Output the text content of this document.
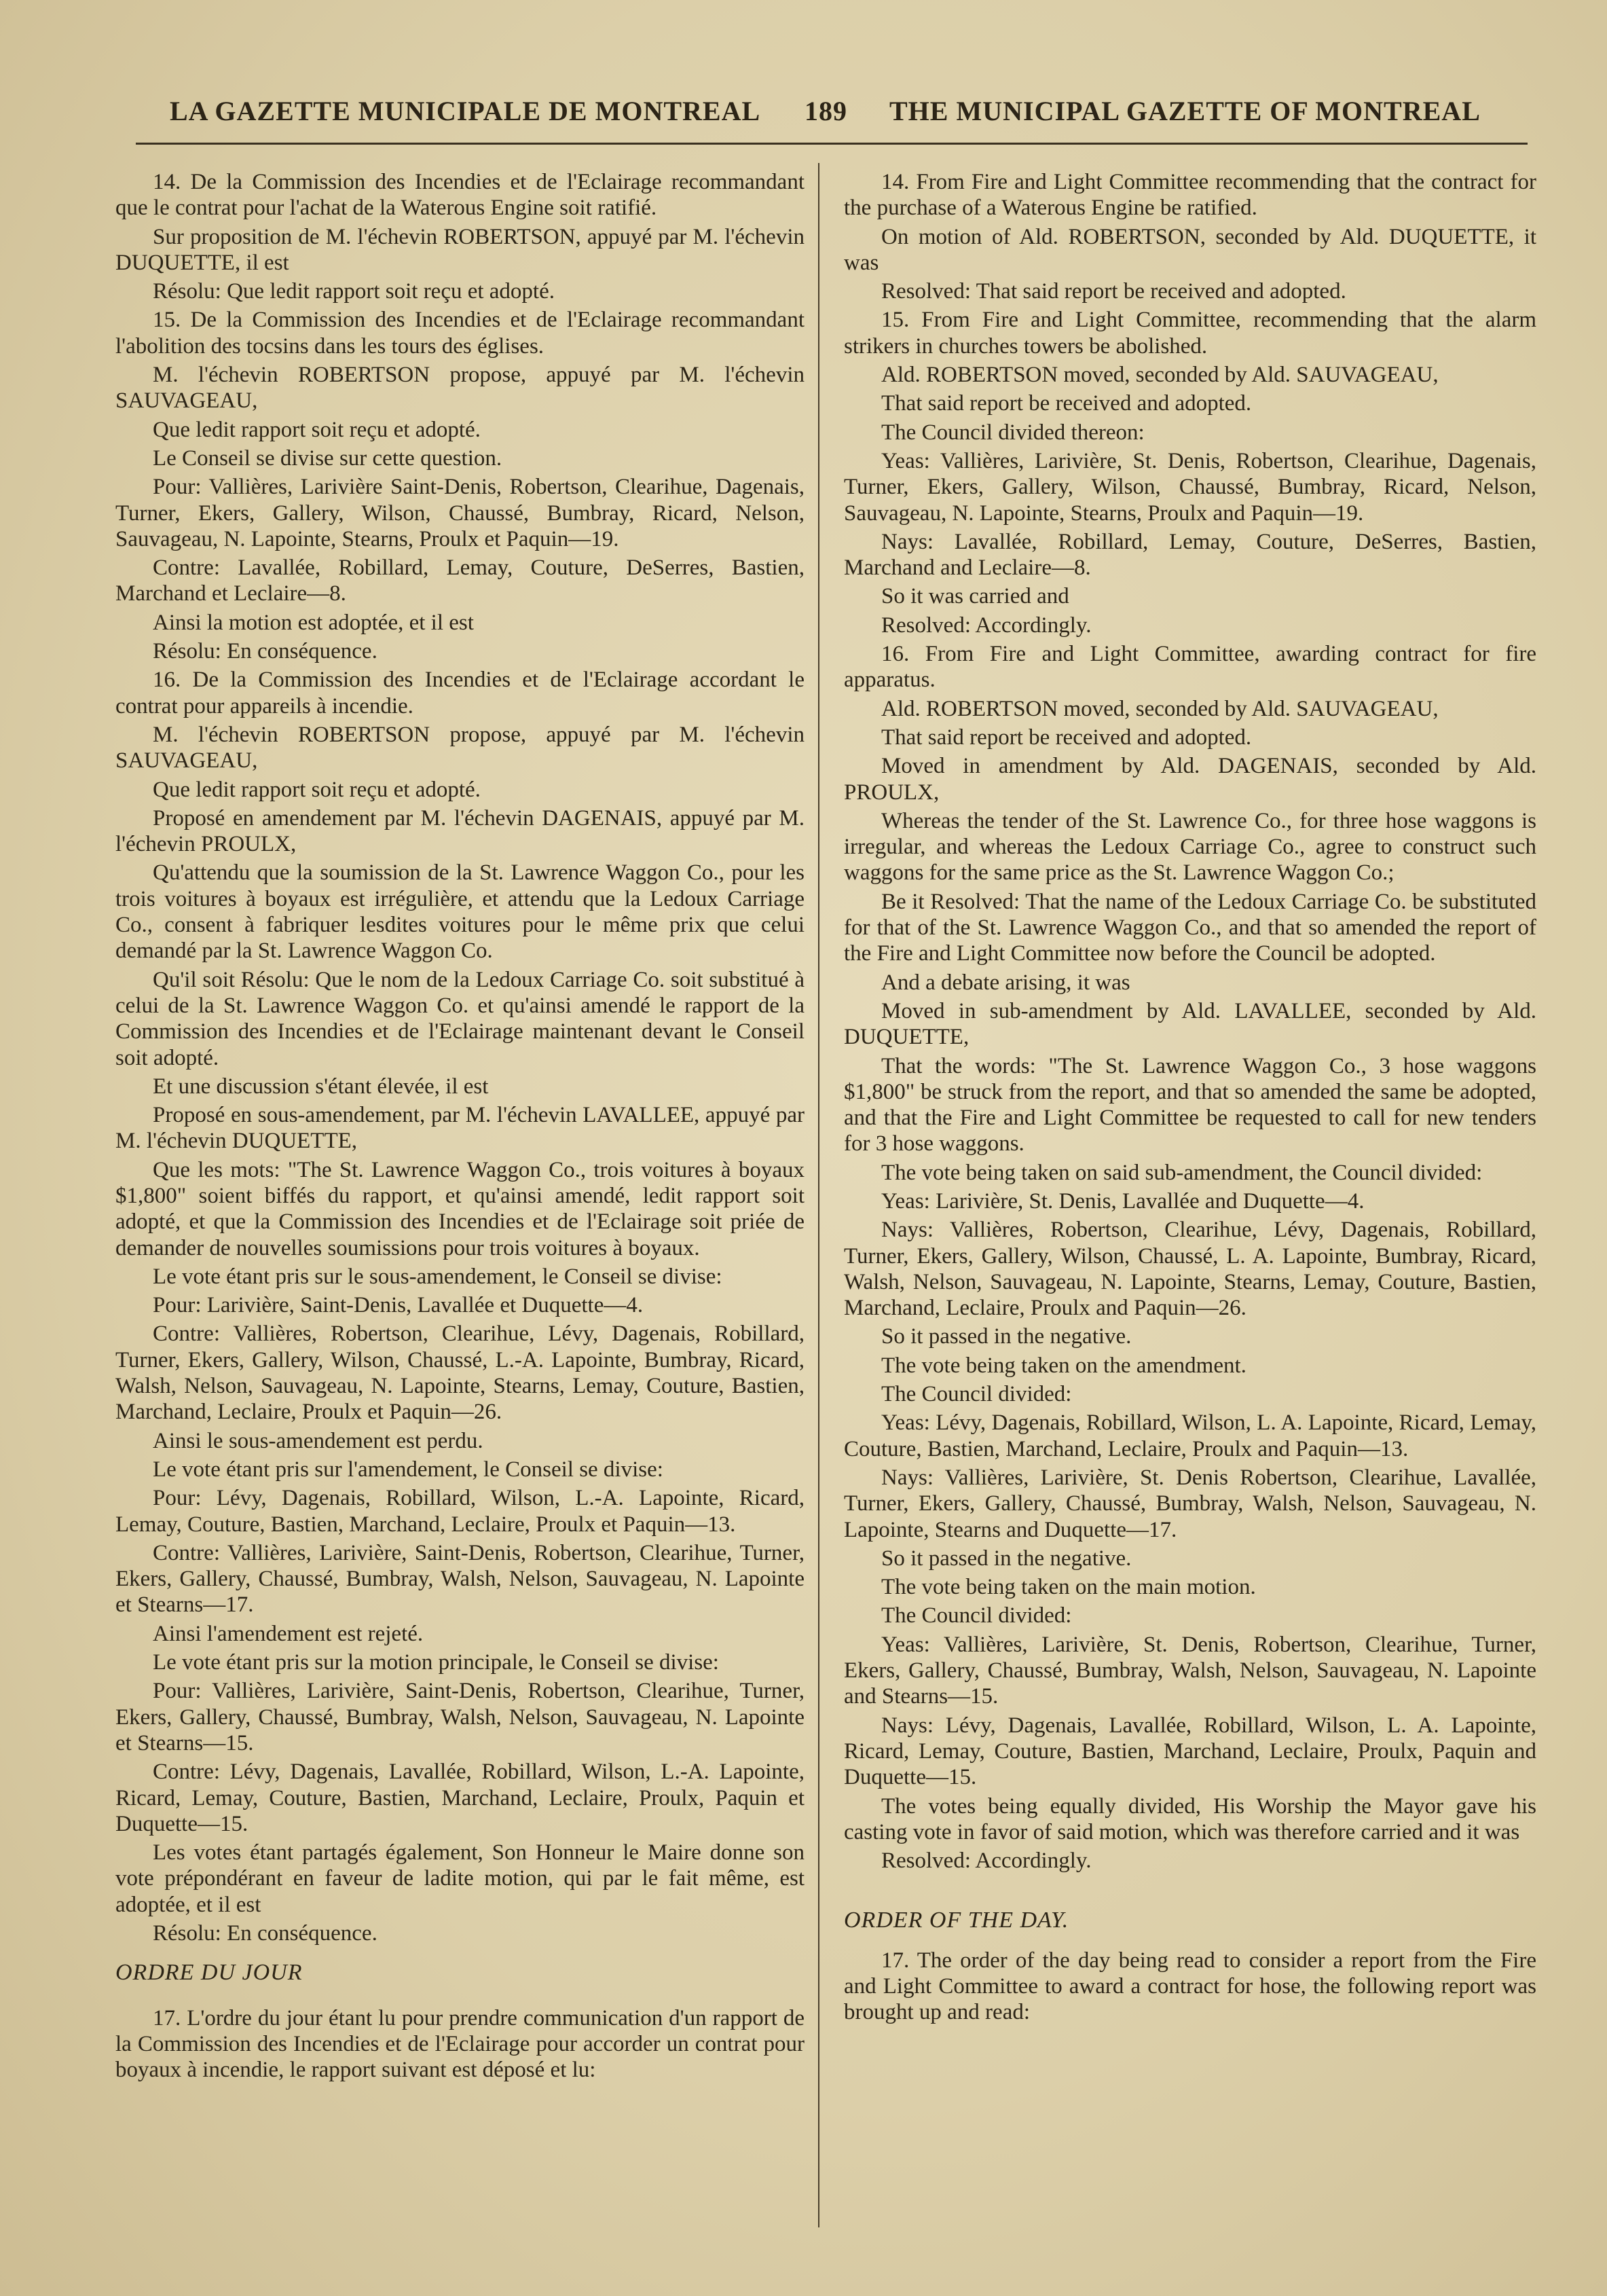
LA GAZETTE MUNICIPALE DE MONTREAL 189 THE MUNICIPAL GAZETTE OF MONTREAL

14. De la Commission des Incendies et de l'Eclairage recommandant que le contrat pour l'achat de la Waterous Engine soit ratifié.

Sur proposition de M. l'échevin ROBERTSON, appuyé par M. l'échevin DUQUETTE, il est

Résolu: Que ledit rapport soit reçu et adopté.

15. De la Commission des Incendies et de l'Eclairage recommandant l'abolition des tocsins dans les tours des églises.

M. l'échevin ROBERTSON propose, appuyé par M. l'échevin SAUVAGEAU,

Que ledit rapport soit reçu et adopté.

Le Conseil se divise sur cette question.

Pour: Vallières, Larivière Saint-Denis, Robertson, Clearihue, Dagenais, Turner, Ekers, Gallery, Wilson, Chaussé, Bumbray, Ricard, Nelson, Sauvageau, N. Lapointe, Stearns, Proulx et Paquin—19.

Contre: Lavallée, Robillard, Lemay, Couture, DeSerres, Bastien, Marchand et Leclaire—8.

Ainsi la motion est adoptée, et il est

Résolu: En conséquence.

16. De la Commission des Incendies et de l'Eclairage accordant le contrat pour appareils à incendie.

M. l'échevin ROBERTSON propose, appuyé par M. l'échevin SAUVAGEAU,

Que ledit rapport soit reçu et adopté.

Proposé en amendement par M. l'échevin DAGENAIS, appuyé par M. l'échevin PROULX,

Qu'attendu que la soumission de la St. Lawrence Waggon Co., pour les trois voitures à boyaux est irrégulière, et attendu que la Ledoux Carriage Co., consent à fabriquer lesdites voitures pour le même prix que celui demandé par la St. Lawrence Waggon Co.

Qu'il soit Résolu: Que le nom de la Ledoux Carriage Co. soit substitué à celui de la St. Lawrence Waggon Co. et qu'ainsi amendé le rapport de la Commission des Incendies et de l'Eclairage maintenant devant le Conseil soit adopté.

Et une discussion s'étant élevée, il est

Proposé en sous-amendement, par M. l'échevin LAVALLEE, appuyé par M. l'échevin DUQUETTE,

Que les mots: "The St. Lawrence Waggon Co., trois voitures à boyaux $1,800" soient biffés du rapport, et qu'ainsi amendé, ledit rapport soit adopté, et que la Commission des Incendies et de l'Eclairage soit priée de demander de nouvelles soumissions pour trois voitures à boyaux.

Le vote étant pris sur le sous-amendement, le Conseil se divise:

Pour: Larivière, Saint-Denis, Lavallée et Duquette—4.

Contre: Vallières, Robertson, Clearihue, Lévy, Dagenais, Robillard, Turner, Ekers, Gallery, Wilson, Chaussé, L.-A. Lapointe, Bumbray, Ricard, Walsh, Nelson, Sauvageau, N. Lapointe, Stearns, Lemay, Couture, Bastien, Marchand, Leclaire, Proulx et Paquin—26.

Ainsi le sous-amendement est perdu.

Le vote étant pris sur l'amendement, le Conseil se divise:

Pour: Lévy, Dagenais, Robillard, Wilson, L.-A. Lapointe, Ricard, Lemay, Couture, Bastien, Marchand, Leclaire, Proulx et Paquin—13.

Contre: Vallières, Larivière, Saint-Denis, Robertson, Clearihue, Turner, Ekers, Gallery, Chaussé, Bumbray, Walsh, Nelson, Sauvageau, N. Lapointe et Stearns—17.

Ainsi l'amendement est rejeté.

Le vote étant pris sur la motion principale, le Conseil se divise:

Pour: Vallières, Larivière, Saint-Denis, Robertson, Clearihue, Turner, Ekers, Gallery, Chaussé, Bumbray, Walsh, Nelson, Sauvageau, N. Lapointe et Stearns—15.

Contre: Lévy, Dagenais, Lavallée, Robillard, Wilson, L.-A. Lapointe, Ricard, Lemay, Couture, Bastien, Marchand, Leclaire, Proulx, Paquin et Duquette—15.

Les votes étant partagés également, Son Honneur le Maire donne son vote prépondérant en faveur de ladite motion, qui par le fait même, est adoptée, et il est

Résolu: En conséquence.

ORDRE DU JOUR

17. L'ordre du jour étant lu pour prendre communication d'un rapport de la Commission des Incendies et de l'Eclairage pour accorder un contrat pour boyaux à incendie, le rapport suivant est déposé et lu:

14. From Fire and Light Committee recommending that the contract for the purchase of a Waterous Engine be ratified.

On motion of Ald. ROBERTSON, seconded by Ald. DUQUETTE, it was

Resolved: That said report be received and adopted.

15. From Fire and Light Committee, recommending that the alarm strikers in churches towers be abolished.

Ald. ROBERTSON moved, seconded by Ald. SAUVAGEAU,

That said report be received and adopted.

The Council divided thereon:

Yeas: Vallières, Larivière, St. Denis, Robertson, Clearihue, Dagenais, Turner, Ekers, Gallery, Wilson, Chaussé, Bumbray, Ricard, Nelson, Sauvageau, N. Lapointe, Stearns, Proulx and Paquin—19.

Nays: Lavallée, Robillard, Lemay, Couture, DeSerres, Bastien, Marchand and Leclaire—8.

So it was carried and

Resolved: Accordingly.

16. From Fire and Light Committee, awarding contract for fire apparatus.

Ald. ROBERTSON moved, seconded by Ald. SAUVAGEAU,

That said report be received and adopted.

Moved in amendment by Ald. DAGENAIS, seconded by Ald. PROULX,

Whereas the tender of the St. Lawrence Co., for three hose waggons is irregular, and whereas the Ledoux Carriage Co., agree to construct such waggons for the same price as the St. Lawrence Waggon Co.;

Be it Resolved: That the name of the Ledoux Carriage Co. be substituted for that of the St. Lawrence Waggon Co., and that so amended the report of the Fire and Light Committee now before the Council be adopted.

And a debate arising, it was

Moved in sub-amendment by Ald. LAVALLEE, seconded by Ald. DUQUETTE,

That the words: "The St. Lawrence Waggon Co., 3 hose waggons $1,800" be struck from the report, and that so amended the same be adopted, and that the Fire and Light Committee be requested to call for new tenders for 3 hose waggons.

The vote being taken on said sub-amendment, the Council divided:

Yeas: Larivière, St. Denis, Lavallée and Duquette—4.

Nays: Vallières, Robertson, Clearihue, Lévy, Dagenais, Robillard, Turner, Ekers, Gallery, Wilson, Chaussé, L. A. Lapointe, Bumbray, Ricard, Walsh, Nelson, Sauvageau, N. Lapointe, Stearns, Lemay, Couture, Bastien, Marchand, Leclaire, Proulx and Paquin—26.

So it passed in the negative.

The vote being taken on the amendment.

The Council divided:

Yeas: Lévy, Dagenais, Robillard, Wilson, L. A. Lapointe, Ricard, Lemay, Couture, Bastien, Marchand, Leclaire, Proulx and Paquin—13.

Nays: Vallières, Larivière, St. Denis Robertson, Clearihue, Lavallée, Turner, Ekers, Gallery, Chaussé, Bumbray, Walsh, Nelson, Sauvageau, N. Lapointe, Stearns and Duquette—17.

So it passed in the negative.

The vote being taken on the main motion.

The Council divided:

Yeas: Vallières, Larivière, St. Denis, Robertson, Clearihue, Turner, Ekers, Gallery, Chaussé, Bumbray, Walsh, Nelson, Sauvageau, N. Lapointe and Stearns—15.

Nays: Lévy, Dagenais, Lavallée, Robillard, Wilson, L. A. Lapointe, Ricard, Lemay, Couture, Bastien, Marchand, Leclaire, Proulx, Paquin and Duquette—15.

The votes being equally divided, His Worship the Mayor gave his casting vote in favor of said motion, which was therefore carried and it was

Resolved: Accordingly.

ORDER OF THE DAY.

17. The order of the day being read to consider a report from the Fire and Light Committee to award a contract for hose, the following report was brought up and read:
